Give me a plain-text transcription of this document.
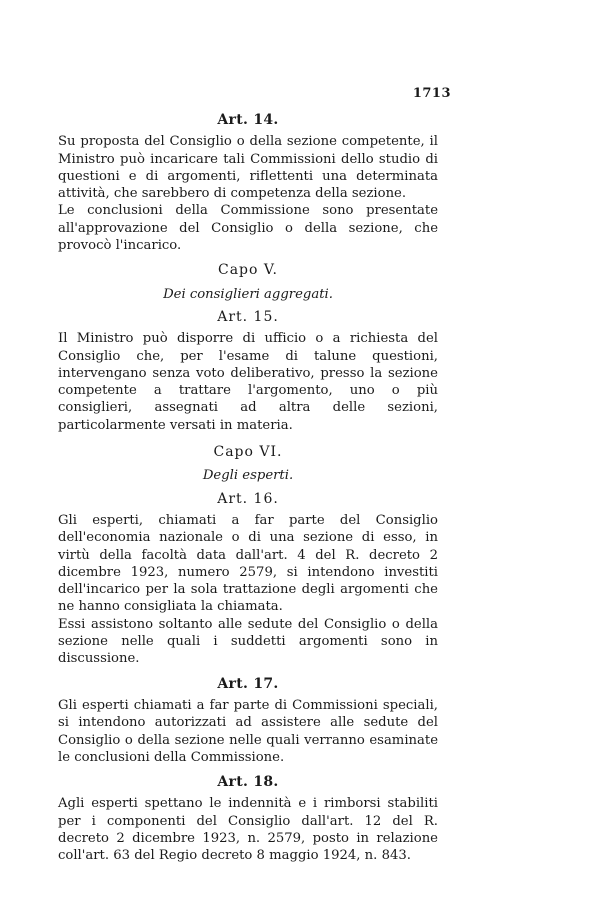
1713
Art. 14.

Su proposta del Consiglio o della sezione competente, il Ministro può incaricare tali Commissioni dello studio di questioni e di argomenti, riflettenti una determinata attività, che sarebbero di competenza della sezione.

Le conclusioni della Commissione sono presentate all'approvazione del Consiglio o della sezione, che provocò l'incarico.

Capo V.
Dei consiglieri aggregati.
Art. 15.

Il Ministro può disporre di ufficio o a richiesta del Consiglio che, per l'esame di talune questioni, intervengano senza voto deliberativo, presso la sezione competente a trattare l'argomento, uno o più consiglieri, assegnati ad altra delle sezioni, particolarmente versati in materia.

Capo VI.
Degli esperti.
Art. 16.

Gli esperti, chiamati a far parte del Consiglio dell'economia nazionale o di una sezione di esso, in virtù della facoltà data dall'art. 4 del R. decreto 2 dicembre 1923, numero 2579, si intendono investiti dell'incarico per la sola trattazione degli argomenti che ne hanno consigliata la chiamata.

Essi assistono soltanto alle sedute del Consiglio o della sezione nelle quali i suddetti argomenti sono in discussione.

Art. 17.

Gli esperti chiamati a far parte di Commissioni speciali, si intendono autorizzati ad assistere alle sedute del Consiglio o della sezione nelle quali verranno esaminate le conclusioni della Commissione.

Art. 18.

Agli esperti spettano le indennità e i rimborsi stabiliti per i componenti del Consiglio dall'art. 12 del R. decreto 2 dicembre 1923, n. 2579, posto in relazione coll'art. 63 del Regio decreto 8 maggio 1924, n. 843.
